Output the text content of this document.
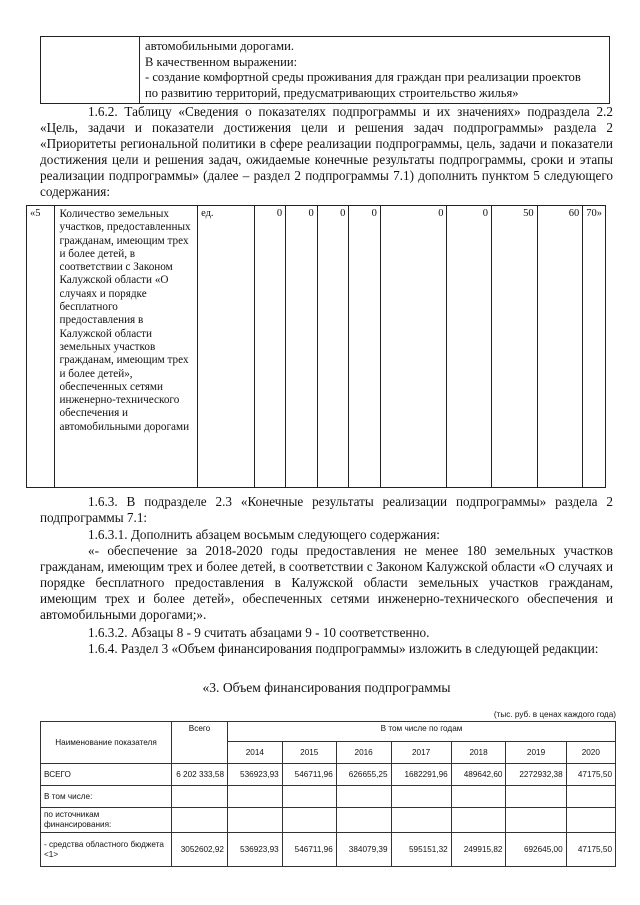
автомобильными дорогами.
В качественном выражении:
- создание комфортной среды проживания для граждан при реализации проектов
по развитию территорий, предусматривающих строительство жилья»

1.6.2. Таблицу «Сведения о показателях подпрограммы и их значениях» подраздела 2.2 «Цель, задачи и показатели достижения цели и решения задач подпрограммы» раздела 2 «Приоритеты региональной политики в сфере реализации подпрограммы, цель, задачи и показатели достижения цели и решения задач, ожидаемые конечные результаты подпрограммы, сроки и этапы реализации подпрограммы» (далее – раздел 2 подпрограммы 7.1) дополнить пунктом 5 следующего содержания:

«5	Количество земельных участков, предоставленных гражданам, имеющим трех и более детей, в соответствии с Законом Калужской области «О случаях и порядке бесплатного предоставления в Калужской области земельных участков гражданам, имеющим трех и более детей», обеспеченных сетями инженерно-технического обеспечения и автомобильными дорогами	ед.	0	0	0	0	0	0	50	60	70»

1.6.3. В подразделе 2.3 «Конечные результаты реализации подпрограммы» раздела 2 подпрограммы 7.1:

1.6.3.1. Дополнить абзацем восьмым следующего содержания:

«- обеспечение за 2018-2020 годы предоставления не менее 180 земельных участков гражданам, имеющим трех и более детей, в соответствии с Законом Калужской области «О случаях и порядке бесплатного предоставления в Калужской области земельных участков гражданам, имеющим трех и более детей», обеспеченных сетями инженерно-технического обеспечения и автомобильными дорогами;».

1.6.3.2. Абзацы 8 - 9 считать абзацами 9 - 10 соответственно.

1.6.4. Раздел 3 «Объем финансирования подпрограммы» изложить в следующей редакции:

«3. Объем финансирования подпрограммы

(тыс. руб. в ценах каждого года)

Наименование показателя	Всего	В том числе по годам						
		2014	2015	2016	2017	2018	2019	2020
ВСЕГО	6 202 333,58	536923,93	546711,96	626655,25	1682291,96	489642,60	2272932,38	47175,50
В том числе:								
по источникам финансирования:								
- средства областного бюджета <1>	3052602,92	536923,93	546711,96	384079,39	595151,32	249915,82	692645,00	47175,50
